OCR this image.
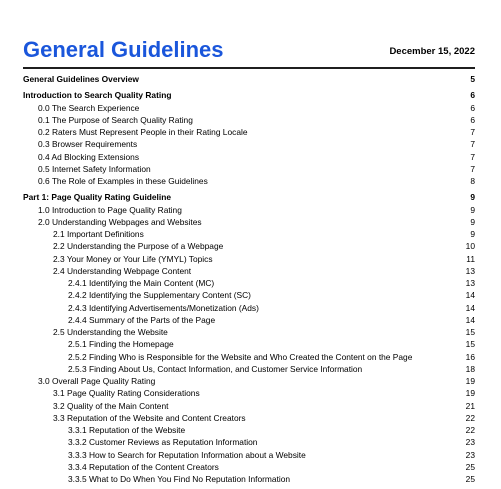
General Guidelines	December 15, 2022
General Guidelines Overview	5
Introduction to Search Quality Rating	6
0.0 The Search Experience	6
0.1 The Purpose of Search Quality Rating	6
0.2 Raters Must Represent People in their Rating Locale	7
0.3 Browser Requirements	7
0.4 Ad Blocking Extensions	7
0.5 Internet Safety Information	7
0.6 The Role of Examples in these Guidelines	8
Part 1: Page Quality Rating Guideline	9
1.0 Introduction to Page Quality Rating	9
2.0 Understanding Webpages and Websites	9
2.1 Important Definitions	9
2.2 Understanding the Purpose of a Webpage	10
2.3 Your Money or Your Life (YMYL) Topics	11
2.4 Understanding Webpage Content	13
2.4.1 Identifying the Main Content (MC)	13
2.4.2 Identifying the Supplementary Content (SC)	14
2.4.3 Identifying Advertisements/Monetization (Ads)	14
2.4.4 Summary of the Parts of the Page	14
2.5 Understanding the Website	15
2.5.1 Finding the Homepage	15
2.5.2 Finding Who is Responsible for the Website and Who Created the Content on the Page	16
2.5.3 Finding About Us, Contact Information, and Customer Service Information	18
3.0 Overall Page Quality Rating	19
3.1 Page Quality Rating Considerations	19
3.2 Quality of the Main Content	21
3.3 Reputation of the Website and Content Creators	22
3.3.1 Reputation of the Website	22
3.3.2 Customer Reviews as Reputation Information	23
3.3.3 How to Search for Reputation Information about a Website	23
3.3.4 Reputation of the Content Creators	25
3.3.5 What to Do When You Find No Reputation Information	25
